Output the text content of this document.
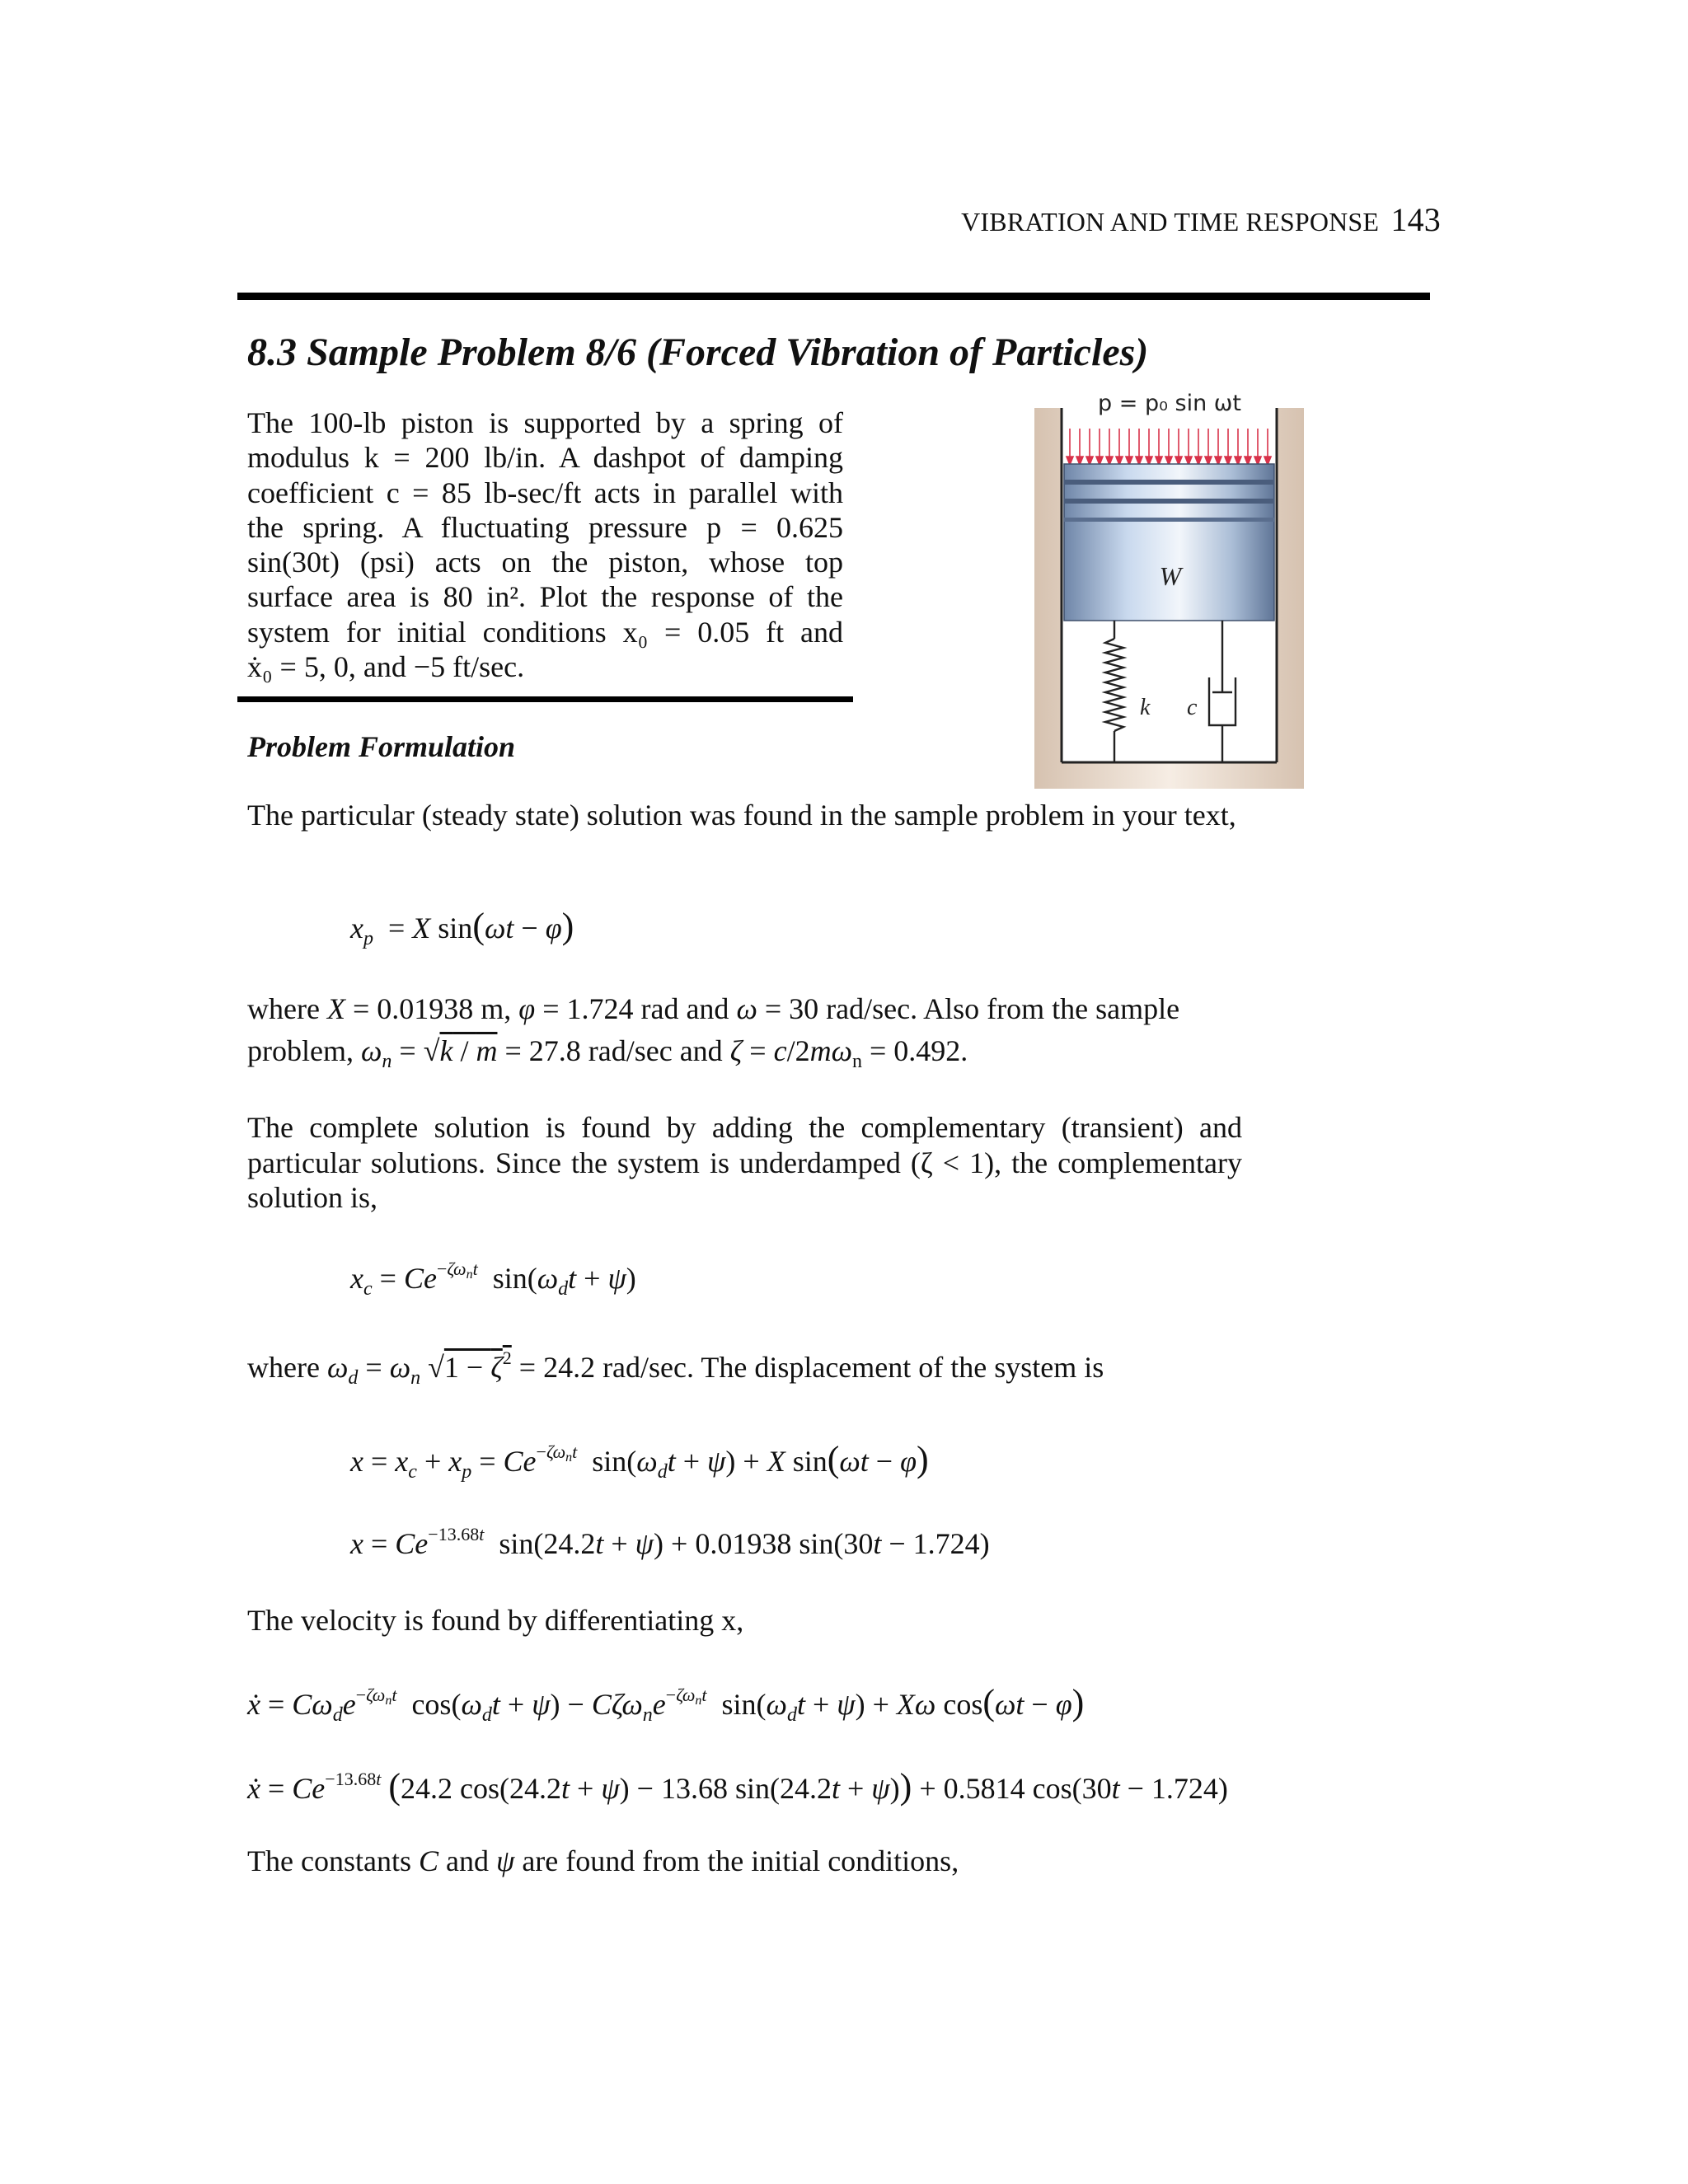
VIBRATION AND TIME RESPONSE 143
8.3 Sample Problem 8/6 (Forced Vibration of Particles)
The 100-lb piston is supported by a spring of
modulus k = 200 lb/in. A dashpot of damping
coefficient c = 85 lb-sec/ft acts in parallel with
the spring. A fluctuating pressure p = 0.625
sin(30t) (psi) acts on the piston, whose top
surface area is 80 in². Plot the response of the
system for initial conditions x₀ = 0.05 ft and
ẋ₀ = 5, 0, and −5 ft/sec.
W
k c
p = p₀ sin ωt
Problem Formulation
The particular (steady state) solution was found in the sample problem in your text,
$x_p = X$ sin(ωt − φ)
where X = 0.01938 m, φ = 1.724 rad and ω = 30 rad/sec. Also from the sample
problem, $\omega_n = √k / m = 27.8$ rad/sec and $\zeta = c/2m\omega_n = 0.492$.
The complete solution is found by adding the complementary (transient) and particular solutions. Since the system is underdamped (ζ < 1), the complementary solution is,
$x_c = Ce^{-\zeta\omega_nt}$  $\sin(\omega_dt + \psi)$
where $\omega_d = \omega_n$ $√1 - \zeta^2 = 24.2$ rad/sec. The displacement of the system is
$x = x_c + x_p = Ce^{-\zeta\omega_nt}$  $\sin(\omega_dt + \psi) + X$ sin(ωt − φ)
$x = Ce^{-13.68t}$  sin(24.2t + ψ) + 0.01938 sin(30t − 1.724)
The velocity is found by differentiating x,
ẋ = $C\omega_de^{-\zeta\omega_nt}$  $\cos(\omega_dt + \psi) - C\zeta\omega_ne^{-\zeta\omega_nt}$  $\sin(\omega_dt + \psi) + X\omega$ cos(ωt − φ)
ẋ = $Ce^{-13.68t}$ (24.2 cos(24.2t + ψ) − 13.68 sin(24.2t + ψ)) + 0.5814 cos(30t − 1.724)
The constants C and ψ are found from the initial conditions,
